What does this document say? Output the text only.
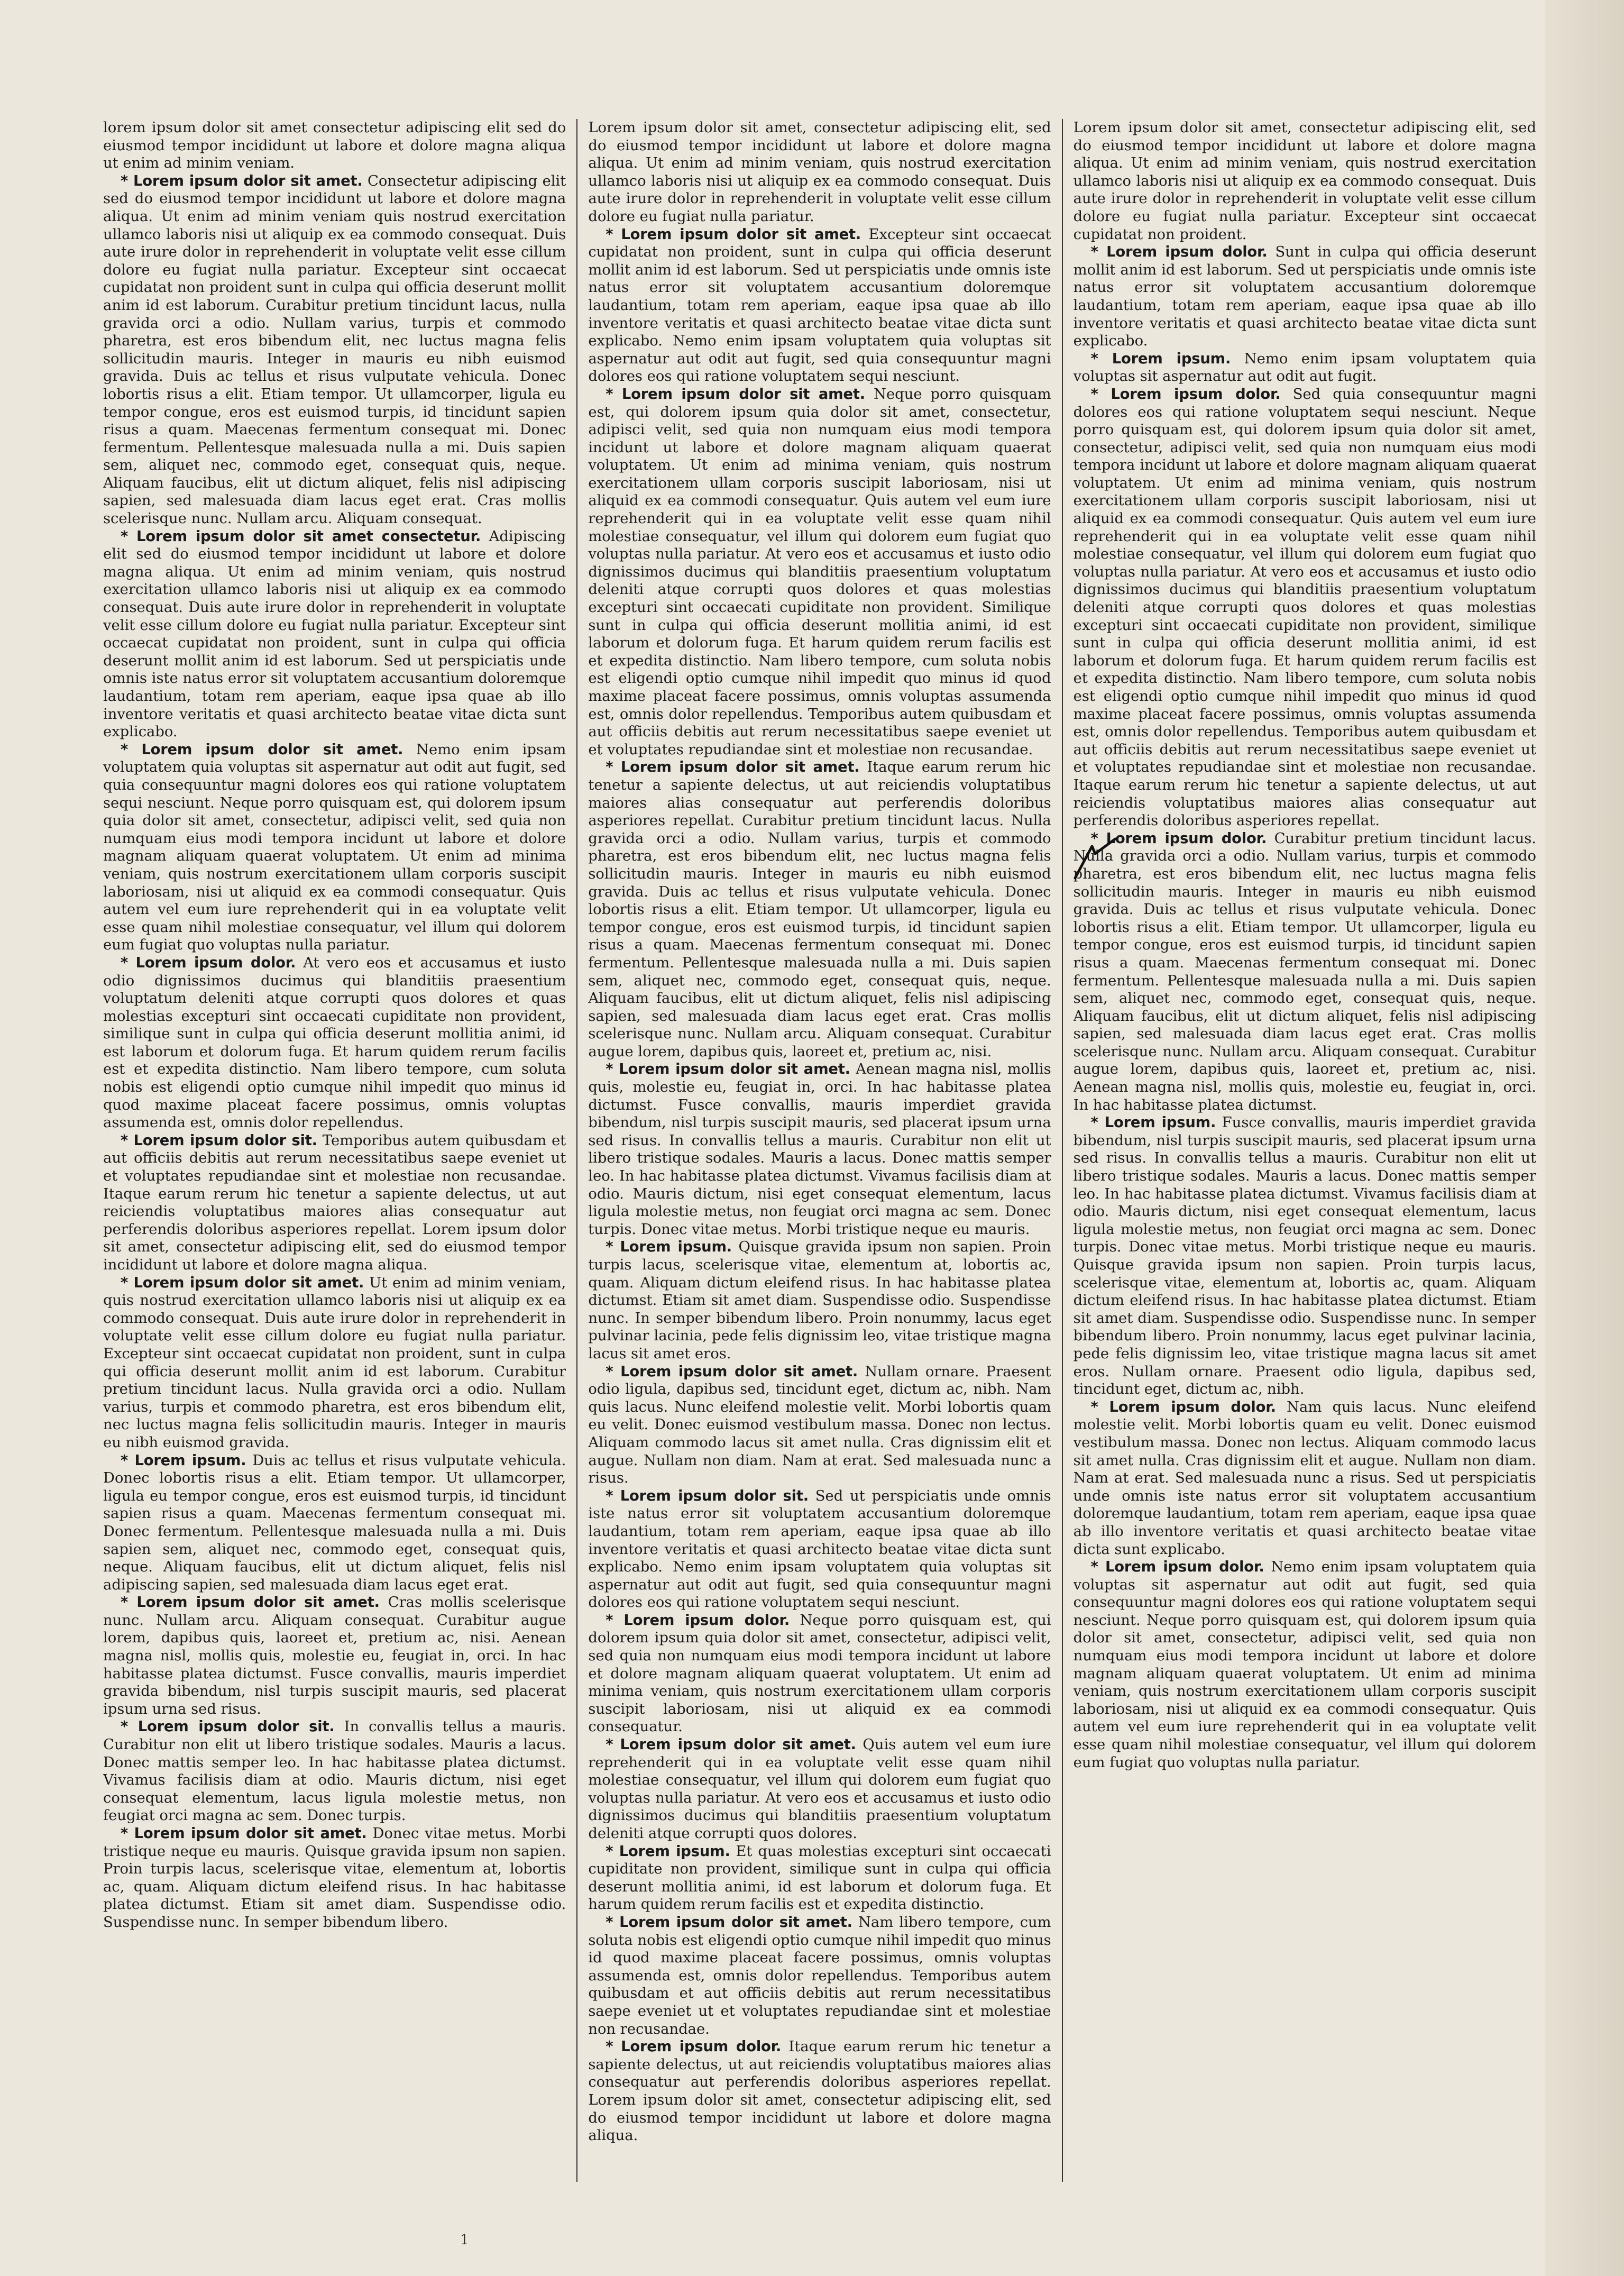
lorem ipsum dolor sit amet consectetur adipiscing elit sed do eiusmod tempor incididunt ut labore et dolore magna aliqua ut enim ad minim veniam.

* Lorem ipsum dolor sit amet. Consectetur adipiscing elit sed do eiusmod tempor incididunt ut labore et dolore magna aliqua. Ut enim ad minim veniam quis nostrud exercitation ullamco laboris nisi ut aliquip ex ea commodo consequat. Duis aute irure dolor in reprehenderit in voluptate velit esse cillum dolore eu fugiat nulla pariatur. Excepteur sint occaecat cupidatat non proident sunt in culpa qui officia deserunt mollit anim id est laborum. Curabitur pretium tincidunt lacus, nulla gravida orci a odio. Nullam varius, turpis et commodo pharetra, est eros bibendum elit, nec luctus magna felis sollicitudin mauris. Integer in mauris eu nibh euismod gravida. Duis ac tellus et risus vulputate vehicula. Donec lobortis risus a elit. Etiam tempor. Ut ullamcorper, ligula eu tempor congue, eros est euismod turpis, id tincidunt sapien risus a quam. Maecenas fermentum consequat mi. Donec fermentum. Pellentesque malesuada nulla a mi. Duis sapien sem, aliquet nec, commodo eget, consequat quis, neque. Aliquam faucibus, elit ut dictum aliquet, felis nisl adipiscing sapien, sed malesuada diam lacus eget erat. Cras mollis scelerisque nunc. Nullam arcu. Aliquam consequat.

* Lorem ipsum dolor sit amet consectetur. Adipiscing elit sed do eiusmod tempor incididunt ut labore et dolore magna aliqua. Ut enim ad minim veniam, quis nostrud exercitation ullamco laboris nisi ut aliquip ex ea commodo consequat. Duis aute irure dolor in reprehenderit in voluptate velit esse cillum dolore eu fugiat nulla pariatur. Excepteur sint occaecat cupidatat non proident, sunt in culpa qui officia deserunt mollit anim id est laborum. Sed ut perspiciatis unde omnis iste natus error sit voluptatem accusantium doloremque laudantium, totam rem aperiam, eaque ipsa quae ab illo inventore veritatis et quasi architecto beatae vitae dicta sunt explicabo.

* Lorem ipsum dolor sit amet. Nemo enim ipsam voluptatem quia voluptas sit aspernatur aut odit aut fugit, sed quia consequuntur magni dolores eos qui ratione voluptatem sequi nesciunt. Neque porro quisquam est, qui dolorem ipsum quia dolor sit amet, consectetur, adipisci velit, sed quia non numquam eius modi tempora incidunt ut labore et dolore magnam aliquam quaerat voluptatem. Ut enim ad minima veniam, quis nostrum exercitationem ullam corporis suscipit laboriosam, nisi ut aliquid ex ea commodi consequatur. Quis autem vel eum iure reprehenderit qui in ea voluptate velit esse quam nihil molestiae consequatur, vel illum qui dolorem eum fugiat quo voluptas nulla pariatur.

* Lorem ipsum dolor. At vero eos et accusamus et iusto odio dignissimos ducimus qui blanditiis praesentium voluptatum deleniti atque corrupti quos dolores et quas molestias excepturi sint occaecati cupiditate non provident, similique sunt in culpa qui officia deserunt mollitia animi, id est laborum et dolorum fuga. Et harum quidem rerum facilis est et expedita distinctio. Nam libero tempore, cum soluta nobis est eligendi optio cumque nihil impedit quo minus id quod maxime placeat facere possimus, omnis voluptas assumenda est, omnis dolor repellendus.

* Lorem ipsum dolor sit. Temporibus autem quibusdam et aut officiis debitis aut rerum necessitatibus saepe eveniet ut et voluptates repudiandae sint et molestiae non recusandae. Itaque earum rerum hic tenetur a sapiente delectus, ut aut reiciendis voluptatibus maiores alias consequatur aut perferendis doloribus asperiores repellat. Lorem ipsum dolor sit amet, consectetur adipiscing elit, sed do eiusmod tempor incididunt ut labore et dolore magna aliqua.

* Lorem ipsum dolor sit amet. Ut enim ad minim veniam, quis nostrud exercitation ullamco laboris nisi ut aliquip ex ea commodo consequat. Duis aute irure dolor in reprehenderit in voluptate velit esse cillum dolore eu fugiat nulla pariatur. Excepteur sint occaecat cupidatat non proident, sunt in culpa qui officia deserunt mollit anim id est laborum. Curabitur pretium tincidunt lacus. Nulla gravida orci a odio. Nullam varius, turpis et commodo pharetra, est eros bibendum elit, nec luctus magna felis sollicitudin mauris. Integer in mauris eu nibh euismod gravida.

* Lorem ipsum. Duis ac tellus et risus vulputate vehicula. Donec lobortis risus a elit. Etiam tempor. Ut ullamcorper, ligula eu tempor congue, eros est euismod turpis, id tincidunt sapien risus a quam. Maecenas fermentum consequat mi. Donec fermentum. Pellentesque malesuada nulla a mi. Duis sapien sem, aliquet nec, commodo eget, consequat quis, neque. Aliquam faucibus, elit ut dictum aliquet, felis nisl adipiscing sapien, sed malesuada diam lacus eget erat.

* Lorem ipsum dolor sit amet. Cras mollis scelerisque nunc. Nullam arcu. Aliquam consequat. Curabitur augue lorem, dapibus quis, laoreet et, pretium ac, nisi. Aenean magna nisl, mollis quis, molestie eu, feugiat in, orci. In hac habitasse platea dictumst. Fusce convallis, mauris imperdiet gravida bibendum, nisl turpis suscipit mauris, sed placerat ipsum urna sed risus.

* Lorem ipsum dolor sit. In convallis tellus a mauris. Curabitur non elit ut libero tristique sodales. Mauris a lacus. Donec mattis semper leo. In hac habitasse platea dictumst. Vivamus facilisis diam at odio. Mauris dictum, nisi eget consequat elementum, lacus ligula molestie metus, non feugiat orci magna ac sem. Donec turpis.

* Lorem ipsum dolor sit amet. Donec vitae metus. Morbi tristique neque eu mauris. Quisque gravida ipsum non sapien. Proin turpis lacus, scelerisque vitae, elementum at, lobortis ac, quam. Aliquam dictum eleifend risus. In hac habitasse platea dictumst. Etiam sit amet diam. Suspendisse odio. Suspendisse nunc. In semper bibendum libero.

Lorem ipsum dolor sit amet, consectetur adipiscing elit, sed do eiusmod tempor incididunt ut labore et dolore magna aliqua. Ut enim ad minim veniam, quis nostrud exercitation ullamco laboris nisi ut aliquip ex ea commodo consequat. Duis aute irure dolor in reprehenderit in voluptate velit esse cillum dolore eu fugiat nulla pariatur.

* Lorem ipsum dolor sit amet. Excepteur sint occaecat cupidatat non proident, sunt in culpa qui officia deserunt mollit anim id est laborum. Sed ut perspiciatis unde omnis iste natus error sit voluptatem accusantium doloremque laudantium, totam rem aperiam, eaque ipsa quae ab illo inventore veritatis et quasi architecto beatae vitae dicta sunt explicabo. Nemo enim ipsam voluptatem quia voluptas sit aspernatur aut odit aut fugit, sed quia consequuntur magni dolores eos qui ratione voluptatem sequi nesciunt.

* Lorem ipsum dolor sit amet. Neque porro quisquam est, qui dolorem ipsum quia dolor sit amet, consectetur, adipisci velit, sed quia non numquam eius modi tempora incidunt ut labore et dolore magnam aliquam quaerat voluptatem. Ut enim ad minima veniam, quis nostrum exercitationem ullam corporis suscipit laboriosam, nisi ut aliquid ex ea commodi consequatur. Quis autem vel eum iure reprehenderit qui in ea voluptate velit esse quam nihil molestiae consequatur, vel illum qui dolorem eum fugiat quo voluptas nulla pariatur. At vero eos et accusamus et iusto odio dignissimos ducimus qui blanditiis praesentium voluptatum deleniti atque corrupti quos dolores et quas molestias excepturi sint occaecati cupiditate non provident. Similique sunt in culpa qui officia deserunt mollitia animi, id est laborum et dolorum fuga. Et harum quidem rerum facilis est et expedita distinctio. Nam libero tempore, cum soluta nobis est eligendi optio cumque nihil impedit quo minus id quod maxime placeat facere possimus, omnis voluptas assumenda est, omnis dolor repellendus. Temporibus autem quibusdam et aut officiis debitis aut rerum necessitatibus saepe eveniet ut et voluptates repudiandae sint et molestiae non recusandae.

* Lorem ipsum dolor sit amet. Itaque earum rerum hic tenetur a sapiente delectus, ut aut reiciendis voluptatibus maiores alias consequatur aut perferendis doloribus asperiores repellat. Curabitur pretium tincidunt lacus. Nulla gravida orci a odio. Nullam varius, turpis et commodo pharetra, est eros bibendum elit, nec luctus magna felis sollicitudin mauris. Integer in mauris eu nibh euismod gravida. Duis ac tellus et risus vulputate vehicula. Donec lobortis risus a elit. Etiam tempor. Ut ullamcorper, ligula eu tempor congue, eros est euismod turpis, id tincidunt sapien risus a quam. Maecenas fermentum consequat mi. Donec fermentum. Pellentesque malesuada nulla a mi. Duis sapien sem, aliquet nec, commodo eget, consequat quis, neque. Aliquam faucibus, elit ut dictum aliquet, felis nisl adipiscing sapien, sed malesuada diam lacus eget erat. Cras mollis scelerisque nunc. Nullam arcu. Aliquam consequat. Curabitur augue lorem, dapibus quis, laoreet et, pretium ac, nisi.

* Lorem ipsum dolor sit amet. Aenean magna nisl, mollis quis, molestie eu, feugiat in, orci. In hac habitasse platea dictumst. Fusce convallis, mauris imperdiet gravida bibendum, nisl turpis suscipit mauris, sed placerat ipsum urna sed risus. In convallis tellus a mauris. Curabitur non elit ut libero tristique sodales. Mauris a lacus. Donec mattis semper leo. In hac habitasse platea dictumst. Vivamus facilisis diam at odio. Mauris dictum, nisi eget consequat elementum, lacus ligula molestie metus, non feugiat orci magna ac sem. Donec turpis. Donec vitae metus. Morbi tristique neque eu mauris.

* Lorem ipsum. Quisque gravida ipsum non sapien. Proin turpis lacus, scelerisque vitae, elementum at, lobortis ac, quam. Aliquam dictum eleifend risus. In hac habitasse platea dictumst. Etiam sit amet diam. Suspendisse odio. Suspendisse nunc. In semper bibendum libero. Proin nonummy, lacus eget pulvinar lacinia, pede felis dignissim leo, vitae tristique magna lacus sit amet eros.

* Lorem ipsum dolor sit amet. Nullam ornare. Praesent odio ligula, dapibus sed, tincidunt eget, dictum ac, nibh. Nam quis lacus. Nunc eleifend molestie velit. Morbi lobortis quam eu velit. Donec euismod vestibulum massa. Donec non lectus. Aliquam commodo lacus sit amet nulla. Cras dignissim elit et augue. Nullam non diam. Nam at erat. Sed malesuada nunc a risus.

* Lorem ipsum dolor sit. Sed ut perspiciatis unde omnis iste natus error sit voluptatem accusantium doloremque laudantium, totam rem aperiam, eaque ipsa quae ab illo inventore veritatis et quasi architecto beatae vitae dicta sunt explicabo. Nemo enim ipsam voluptatem quia voluptas sit aspernatur aut odit aut fugit, sed quia consequuntur magni dolores eos qui ratione voluptatem sequi nesciunt.

* Lorem ipsum dolor. Neque porro quisquam est, qui dolorem ipsum quia dolor sit amet, consectetur, adipisci velit, sed quia non numquam eius modi tempora incidunt ut labore et dolore magnam aliquam quaerat voluptatem. Ut enim ad minima veniam, quis nostrum exercitationem ullam corporis suscipit laboriosam, nisi ut aliquid ex ea commodi consequatur.

* Lorem ipsum dolor sit amet. Quis autem vel eum iure reprehenderit qui in ea voluptate velit esse quam nihil molestiae consequatur, vel illum qui dolorem eum fugiat quo voluptas nulla pariatur. At vero eos et accusamus et iusto odio dignissimos ducimus qui blanditiis praesentium voluptatum deleniti atque corrupti quos dolores.

* Lorem ipsum. Et quas molestias excepturi sint occaecati cupiditate non provident, similique sunt in culpa qui officia deserunt mollitia animi, id est laborum et dolorum fuga. Et harum quidem rerum facilis est et expedita distinctio.

* Lorem ipsum dolor sit amet. Nam libero tempore, cum soluta nobis est eligendi optio cumque nihil impedit quo minus id quod maxime placeat facere possimus, omnis voluptas assumenda est, omnis dolor repellendus. Temporibus autem quibusdam et aut officiis debitis aut rerum necessitatibus saepe eveniet ut et voluptates repudiandae sint et molestiae non recusandae.

* Lorem ipsum dolor. Itaque earum rerum hic tenetur a sapiente delectus, ut aut reiciendis voluptatibus maiores alias consequatur aut perferendis doloribus asperiores repellat. Lorem ipsum dolor sit amet, consectetur adipiscing elit, sed do eiusmod tempor incididunt ut labore et dolore magna aliqua.

Lorem ipsum dolor sit amet, consectetur adipiscing elit, sed do eiusmod tempor incididunt ut labore et dolore magna aliqua. Ut enim ad minim veniam, quis nostrud exercitation ullamco laboris nisi ut aliquip ex ea commodo consequat. Duis aute irure dolor in reprehenderit in voluptate velit esse cillum dolore eu fugiat nulla pariatur. Excepteur sint occaecat cupidatat non proident.

* Lorem ipsum dolor. Sunt in culpa qui officia deserunt mollit anim id est laborum. Sed ut perspiciatis unde omnis iste natus error sit voluptatem accusantium doloremque laudantium, totam rem aperiam, eaque ipsa quae ab illo inventore veritatis et quasi architecto beatae vitae dicta sunt explicabo.

* Lorem ipsum. Nemo enim ipsam voluptatem quia voluptas sit aspernatur aut odit aut fugit.

* Lorem ipsum dolor. Sed quia consequuntur magni dolores eos qui ratione voluptatem sequi nesciunt. Neque porro quisquam est, qui dolorem ipsum quia dolor sit amet, consectetur, adipisci velit, sed quia non numquam eius modi tempora incidunt ut labore et dolore magnam aliquam quaerat voluptatem. Ut enim ad minima veniam, quis nostrum exercitationem ullam corporis suscipit laboriosam, nisi ut aliquid ex ea commodi consequatur. Quis autem vel eum iure reprehenderit qui in ea voluptate velit esse quam nihil molestiae consequatur, vel illum qui dolorem eum fugiat quo voluptas nulla pariatur. At vero eos et accusamus et iusto odio dignissimos ducimus qui blanditiis praesentium voluptatum deleniti atque corrupti quos dolores et quas molestias excepturi sint occaecati cupiditate non provident, similique sunt in culpa qui officia deserunt mollitia animi, id est laborum et dolorum fuga. Et harum quidem rerum facilis est et expedita distinctio. Nam libero tempore, cum soluta nobis est eligendi optio cumque nihil impedit quo minus id quod maxime placeat facere possimus, omnis voluptas assumenda est, omnis dolor repellendus. Temporibus autem quibusdam et aut officiis debitis aut rerum necessitatibus saepe eveniet ut et voluptates repudiandae sint et molestiae non recusandae. Itaque earum rerum hic tenetur a sapiente delectus, ut aut reiciendis voluptatibus maiores alias consequatur aut perferendis doloribus asperiores repellat.

* Lorem ipsum dolor. Curabitur pretium tincidunt lacus. Nulla gravida orci a odio. Nullam varius, turpis et commodo pharetra, est eros bibendum elit, nec luctus magna felis sollicitudin mauris. Integer in mauris eu nibh euismod gravida. Duis ac tellus et risus vulputate vehicula. Donec lobortis risus a elit. Etiam tempor. Ut ullamcorper, ligula eu tempor congue, eros est euismod turpis, id tincidunt sapien risus a quam. Maecenas fermentum consequat mi. Donec fermentum. Pellentesque malesuada nulla a mi. Duis sapien sem, aliquet nec, commodo eget, consequat quis, neque. Aliquam faucibus, elit ut dictum aliquet, felis nisl adipiscing sapien, sed malesuada diam lacus eget erat. Cras mollis scelerisque nunc. Nullam arcu. Aliquam consequat. Curabitur augue lorem, dapibus quis, laoreet et, pretium ac, nisi. Aenean magna nisl, mollis quis, molestie eu, feugiat in, orci. In hac habitasse platea dictumst.

* Lorem ipsum. Fusce convallis, mauris imperdiet gravida bibendum, nisl turpis suscipit mauris, sed placerat ipsum urna sed risus. In convallis tellus a mauris. Curabitur non elit ut libero tristique sodales. Mauris a lacus. Donec mattis semper leo. In hac habitasse platea dictumst. Vivamus facilisis diam at odio. Mauris dictum, nisi eget consequat elementum, lacus ligula molestie metus, non feugiat orci magna ac sem. Donec turpis. Donec vitae metus. Morbi tristique neque eu mauris. Quisque gravida ipsum non sapien. Proin turpis lacus, scelerisque vitae, elementum at, lobortis ac, quam. Aliquam dictum eleifend risus. In hac habitasse platea dictumst. Etiam sit amet diam. Suspendisse odio. Suspendisse nunc. In semper bibendum libero. Proin nonummy, lacus eget pulvinar lacinia, pede felis dignissim leo, vitae tristique magna lacus sit amet eros. Nullam ornare. Praesent odio ligula, dapibus sed, tincidunt eget, dictum ac, nibh.

* Lorem ipsum dolor. Nam quis lacus. Nunc eleifend molestie velit. Morbi lobortis quam eu velit. Donec euismod vestibulum massa. Donec non lectus. Aliquam commodo lacus sit amet nulla. Cras dignissim elit et augue. Nullam non diam. Nam at erat. Sed malesuada nunc a risus. Sed ut perspiciatis unde omnis iste natus error sit voluptatem accusantium doloremque laudantium, totam rem aperiam, eaque ipsa quae ab illo inventore veritatis et quasi architecto beatae vitae dicta sunt explicabo.

* Lorem ipsum dolor. Nemo enim ipsam voluptatem quia voluptas sit aspernatur aut odit aut fugit, sed quia consequuntur magni dolores eos qui ratione voluptatem sequi nesciunt. Neque porro quisquam est, qui dolorem ipsum quia dolor sit amet, consectetur, adipisci velit, sed quia non numquam eius modi tempora incidunt ut labore et dolore magnam aliquam quaerat voluptatem. Ut enim ad minima veniam, quis nostrum exercitationem ullam corporis suscipit laboriosam, nisi ut aliquid ex ea commodi consequatur. Quis autem vel eum iure reprehenderit qui in ea voluptate velit esse quam nihil molestiae consequatur, vel illum qui dolorem eum fugiat quo voluptas nulla pariatur.

1
